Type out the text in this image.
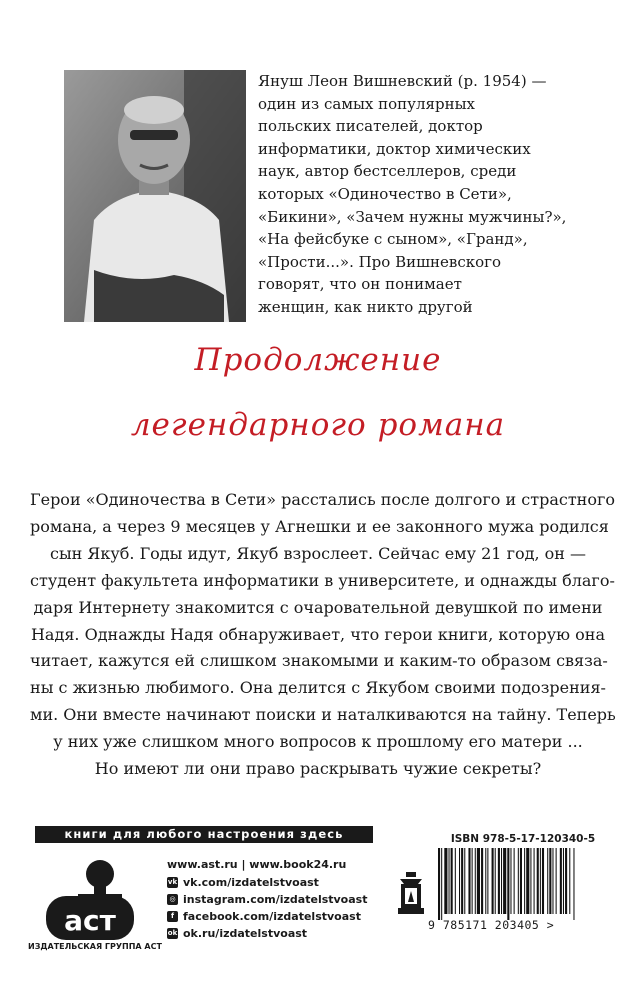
Януш Леон Вишневский (р. 1954) —
один из самых популярных
польских писателей, доктор
информатики, доктор химических
наук, автор бестселлеров, среди
которых «Одиночество в Сети»,
«Бикини», «Зачем нужны мужчины?»,
«На фейсбуке с сыном», «Гранд»,
«Прости...». Про Вишневского
говорят, что он понимает
женщин, как никто другой
Продолжение
легендарного романа
Герои «Одиночества в Сети» расстались после долгого и страстного
романа, а через 9 месяцев у Агнешки и ее законного мужа родился
сын Якуб. Годы идут, Якуб взрослеет. Сейчас ему 21 год, он —
студент факультета информатики в университете, и однажды благо-
даря Интернету знакомится с очаровательной девушкой по имени
Надя. Однажды Надя обнаруживает, что герои книги, которую она
читает, кажутся ей слишком знакомыми и каким-то образом связа-
ны с жизнью любимого. Она делится с Якубом своими подозрения-
ми. Они вместе начинают поиски и наталкиваются на тайну. Теперь
у них уже слишком много вопросов к прошлому его матери ...
Но имеют ли они право раскрывать чужие секреты?
книги для любого настроения здесь
аст
ИЗДАТЕЛЬСКАЯ ГРУППА АСТ
www.ast.ru | www.book24.ru
vk vk.com/izdatelstvoast
◎ instagram.com/izdatelstvoast
f facebook.com/izdatelstvoast
ok ok.ru/izdatelstvoast
ISBN 978-5-17-120340-5
9 785171 203405 >
